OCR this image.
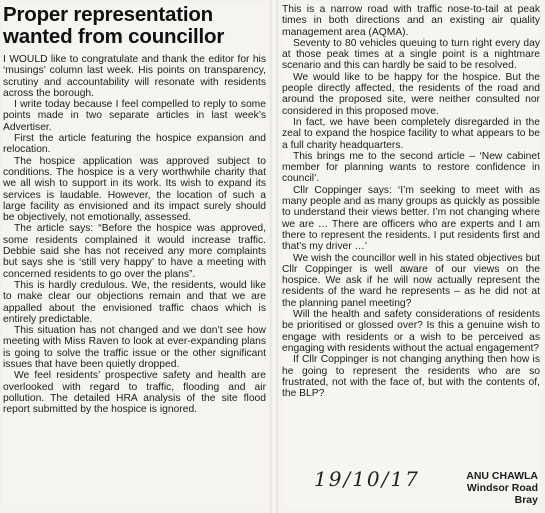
Proper representation wanted from councillor

I WOULD like to congratulate and thank the editor for his ‘musings’ column last week. His points on transparency, scrutiny and accountability will resonate with residents across the borough.

I write today because I feel compelled to reply to some points made in two separate articles in last week’s Advertiser.

First the article featuring the hospice expansion and relocation.

The hospice application was approved subject to conditions. The hospice is a very worthwhile charity that we all wish to support in its work. Its wish to expand its services is laudable. However, the location of such a large facility as envisioned and its impact surely should be objectively, not emotionally, assessed.

The article says: “Before the hospice was approved, some residents complained it would increase traffic. Debbie said she has not received any more complaints but says she is ‘still very happy’ to have a meeting with concerned residents to go over the plans”.

This is hardly credulous. We, the residents, would like to make clear our objections remain and that we are appalled about the envisioned traffic chaos which is entirely predictable.

This situation has not changed and we don’t see how meeting with Miss Raven to look at ever-expanding plans is going to solve the traffic issue or the other significant issues that have been quietly dropped.

We feel residents’ prospective safety and health are overlooked with regard to traffic, flooding and air pollution. The detailed HRA analysis of the site flood report submitted by the hospice is ignored.

This is a narrow road with traffic nose-to-tail at peak times in both directions and an existing air quality management area (AQMA).

Seventy to 80 vehicles queuing to turn right every day at those peak times at a single point is a nightmare scenario and this can hardly be said to be resolved.

We would like to be happy for the hospice. But the people directly affected, the residents of the road and around the proposed site, were neither consulted nor considered in this proposed move.

In fact, we have been completely disregarded in the zeal to expand the hospice facility to what appears to be a full charity headquarters.

This brings me to the second article – ‘New cabinet member for planning wants to restore confidence in council’.

Cllr Coppinger says: ‘I’m seeking to meet with as many people and as many groups as quickly as possible to understand their views better. I’m not changing where we are … There are officers who are experts and I am there to represent the residents. I put residents first and that’s my driver …’

We wish the councillor well in his stated objectives but Cllr Coppinger is well aware of our views on the hospice. We ask if he will now actually represent the residents of the ward he represents – as he did not at the planning panel meeting?

Will the health and safety considerations of residents be prioritised or glossed over? Is this a genuine wish to engage with residents or a wish to be perceived as engaging with residents without the actual engagement?

If Cllr Coppinger is not changing anything then how is he going to represent the residents who are so frustrated, not with the face of, but with the contents of, the BLP?

19/10/17	ANU CHAWLA
Windsor Road
Bray
